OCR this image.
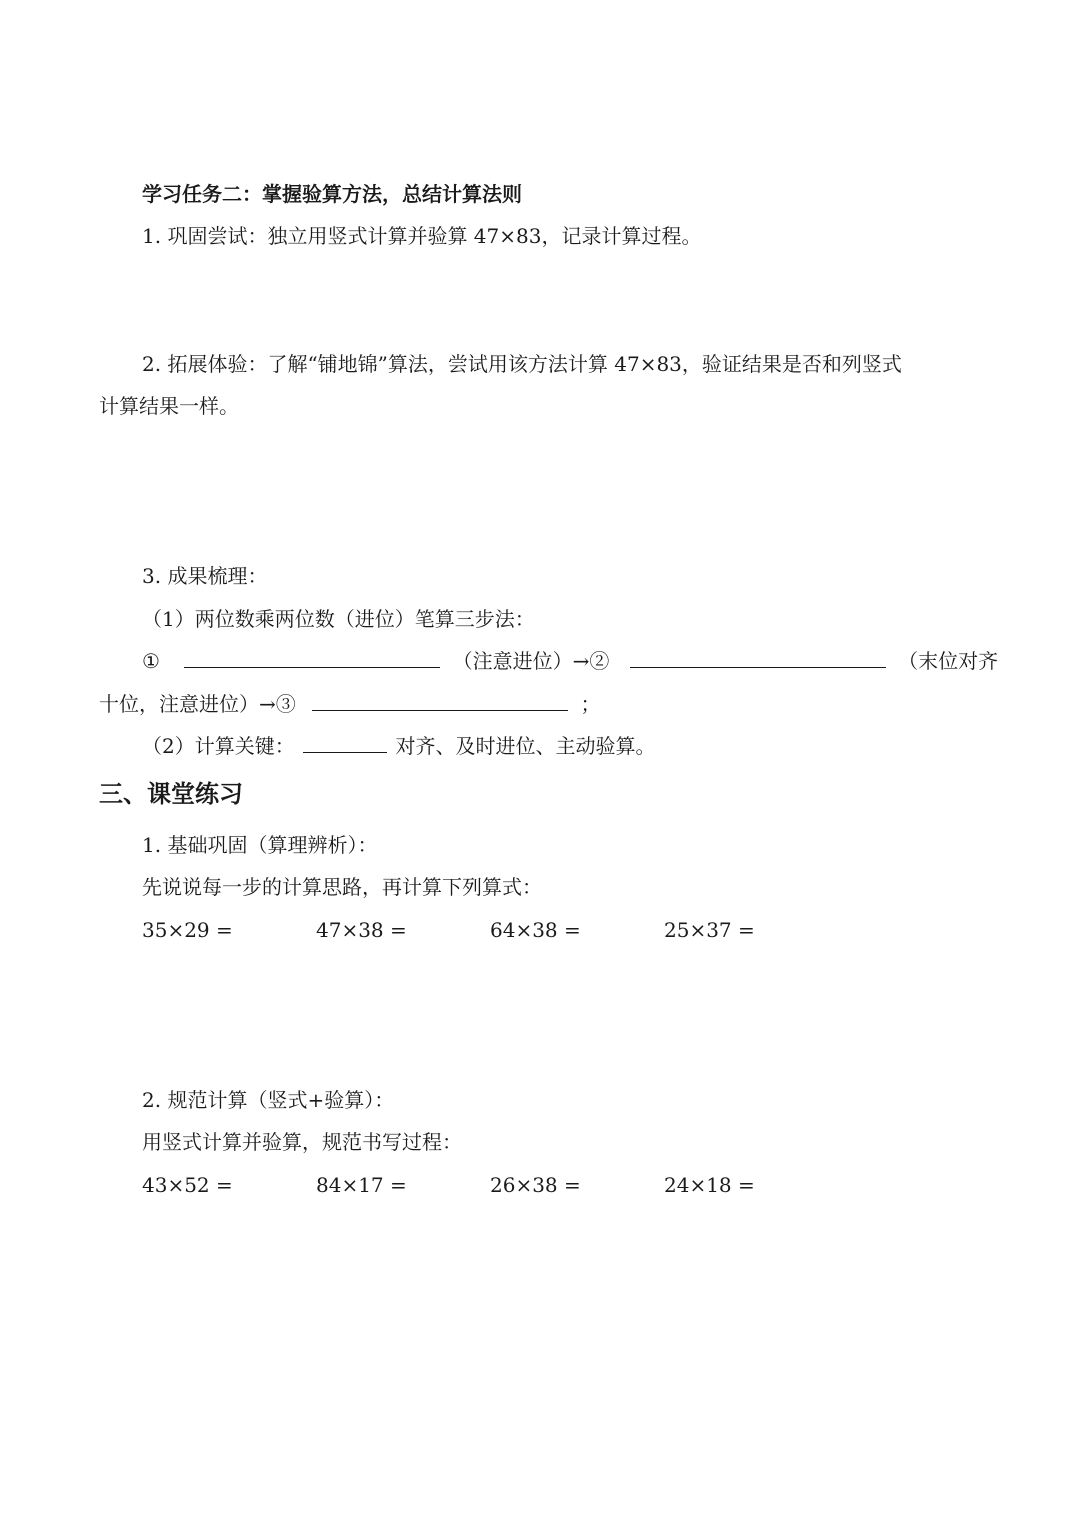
学习任务二：掌握验算方法，总结计算法则
1. 巩固尝试：独立用竖式计算并验算 47×83，记录计算过程。
2. 拓展体验：了解“铺地锦”算法，尝试用该方法计算 47×83，验证结果是否和列竖式
计算结果一样。
3. 成果梳理：
（1）两位数乘两位数（进位）笔算三步法：
①	（注意进位）→②	（末位对齐
十位，注意进位）→③	；
（2）计算关键：	对齐、及时进位、主动验算。
三、课堂练习
1. 基础巩固（算理辨析）：
先说说每一步的计算思路，再计算下列算式：
35×29 =	47×38 =	64×38 =	25×37 =
2. 规范计算（竖式+验算）：
用竖式计算并验算，规范书写过程：
43×52 =	84×17 =	26×38 =	24×18 =
